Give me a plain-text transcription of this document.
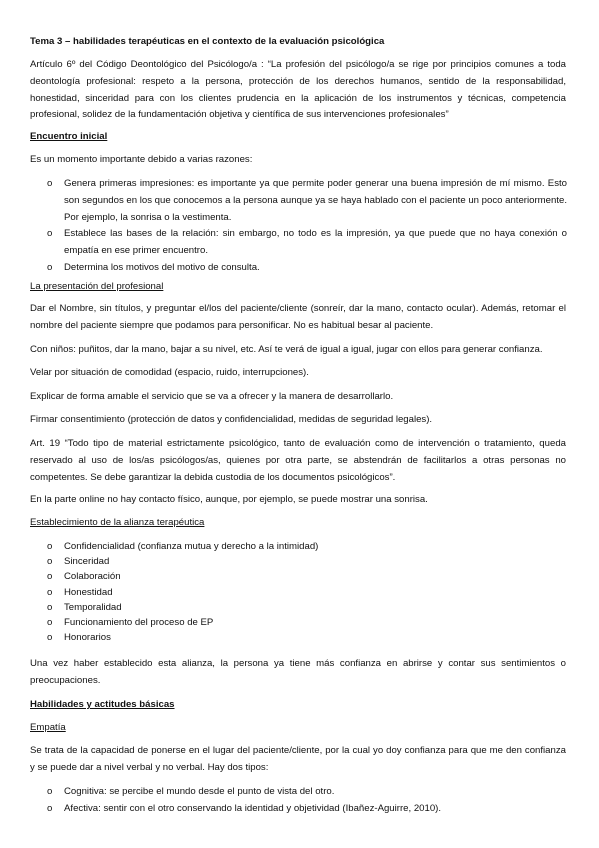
Tema 3 – habilidades terapéuticas en el contexto de la evaluación psicológica

Artículo 6º del Código Deontológico del Psicólogo/a : “La profesión del psicólogo/a se rige por principios comunes a toda deontología profesional: respeto a la persona, protección de los derechos humanos, sentido de la responsabilidad, honestidad, sinceridad para con los clientes prudencia en la aplicación de los instrumentos y técnicas, competencia profesional, solidez de la fundamentación objetiva y científica de sus intervenciones profesionales”

Encuentro inicial

Es un momento importante debido a varias razones:

o	Genera primeras impresiones: es importante ya que permite poder generar una buena impresión de mí mismo. Esto son segundos en los que conocemos a la persona aunque ya se haya hablado con el paciente un poco anteriormente. Por ejemplo, la sonrisa o la vestimenta.
o	Establece las bases de la relación: sin embargo, no todo es la impresión, ya que puede que no haya conexión o empatía en ese primer encuentro.
o	Determina los motivos del motivo de consulta.

La presentación del profesional

Dar el Nombre, sin títulos, y preguntar el/los del paciente/cliente (sonreír, dar la mano, contacto ocular). Además, retomar el nombre del paciente siempre que podamos para personificar. No es habitual besar al paciente.

Con niños: puñitos, dar la mano, bajar a su nivel, etc. Así te verá de igual a igual, jugar con ellos para generar confianza.

Velar por situación de comodidad (espacio, ruido, interrupciones).

Explicar de forma amable el servicio que se va a ofrecer y la manera de desarrollarlo.

Firmar consentimiento (protección de datos y confidencialidad, medidas de seguridad legales).

Art. 19 “Todo tipo de material estrictamente psicológico, tanto de evaluación como de intervención o tratamiento, queda reservado al uso de los/as psicólogos/as, quienes por otra parte, se abstendrán de facilitarlos a otras personas no competentes. Se debe garantizar la debida custodia de los documentos psicológicos”.

En la parte online no hay contacto físico, aunque, por ejemplo, se puede mostrar una sonrisa.

Establecimiento de la alianza terapéutica

o	Confidencialidad (confianza mutua y derecho a la intimidad)
o	Sinceridad
o	Colaboración
o	Honestidad
o	Temporalidad
o	Funcionamiento del proceso de EP
o	Honorarios

Una vez haber establecido esta alianza, la persona ya tiene más confianza en abrirse y contar sus sentimientos o preocupaciones.

Habilidades y actitudes básicas

Empatía

Se trata de la capacidad de ponerse en el lugar del paciente/cliente, por la cual yo doy confianza para que me den confianza y se puede dar a nivel verbal y no verbal. Hay dos tipos:

o	Cognitiva: se percibe el mundo desde el punto de vista del otro.
o	Afectiva: sentir con el otro conservando la identidad y objetividad (Ibañez-Aguirre, 2010).
